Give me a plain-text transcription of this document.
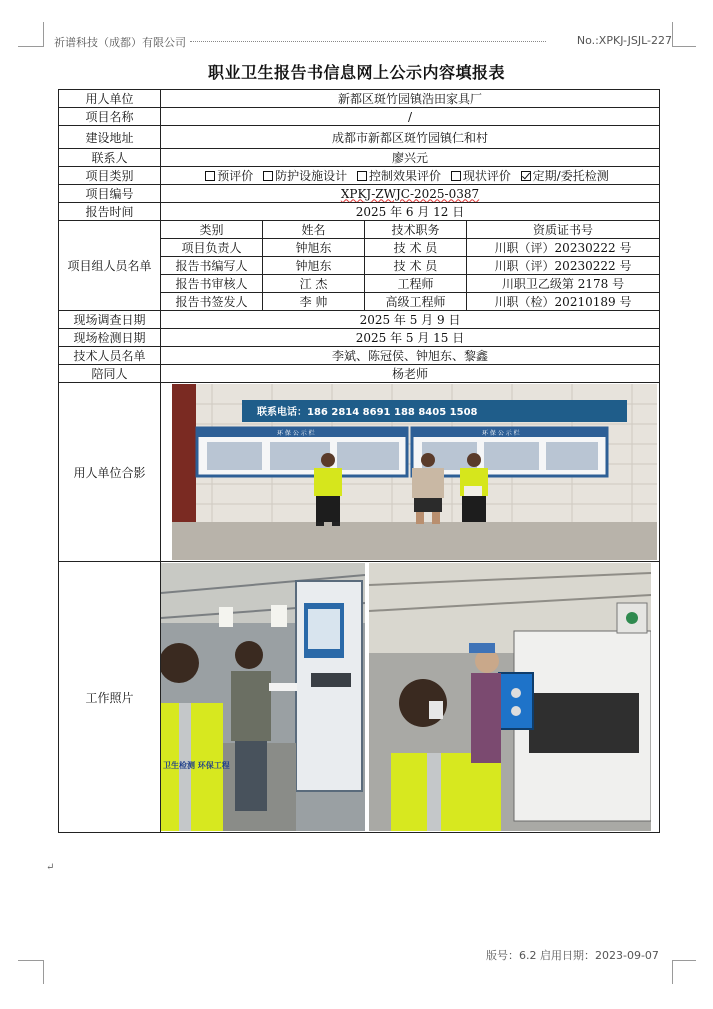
祈谱科技（成都）有限公司	No.:XPKJ-JSJL-227
职业卫生报告书信息网上公示内容填报表
用人单位	新都区斑竹园镇浩田家具厂			
项目名称	/			
建设地址	成都市新都区斑竹园镇仁和村			
联系人	廖兴元			
项目类别	预评价 防护设施设计 控制效果评价 现状评价 定期/委托检测			
项目编号	XPKJ-ZWJC-2025-0387			
报告时间	2025 年 6 月 12 日			
项目组人员名单	类别	姓名	技术职务	资质证书号
	项目负责人	钟旭东	技 术 员	川职（评）20230222 号
	报告书编写人	钟旭东	技 术 员	川职（评）20230222 号
	报告书审核人	江 杰	工程师	川职卫乙级第 2178 号
	报告书签发人	李 帅	高级工程师	川职（检）20210189 号
现场调查日期	2025 年 5 月 9 日			
现场检测日期	2025 年 5 月 15 日			
技术人员名单	李斌、陈冠侯、钟旭东、黎鑫			
陪同人	杨老师			
用人单位合影	联系电话：186 2814 8691 188 8405 1508
环 保 公 示 栏 环 保 公 示 栏			

工作照片	卫生检测 环保工程			
↵
版号：6.2 启用日期：2023-09-07
